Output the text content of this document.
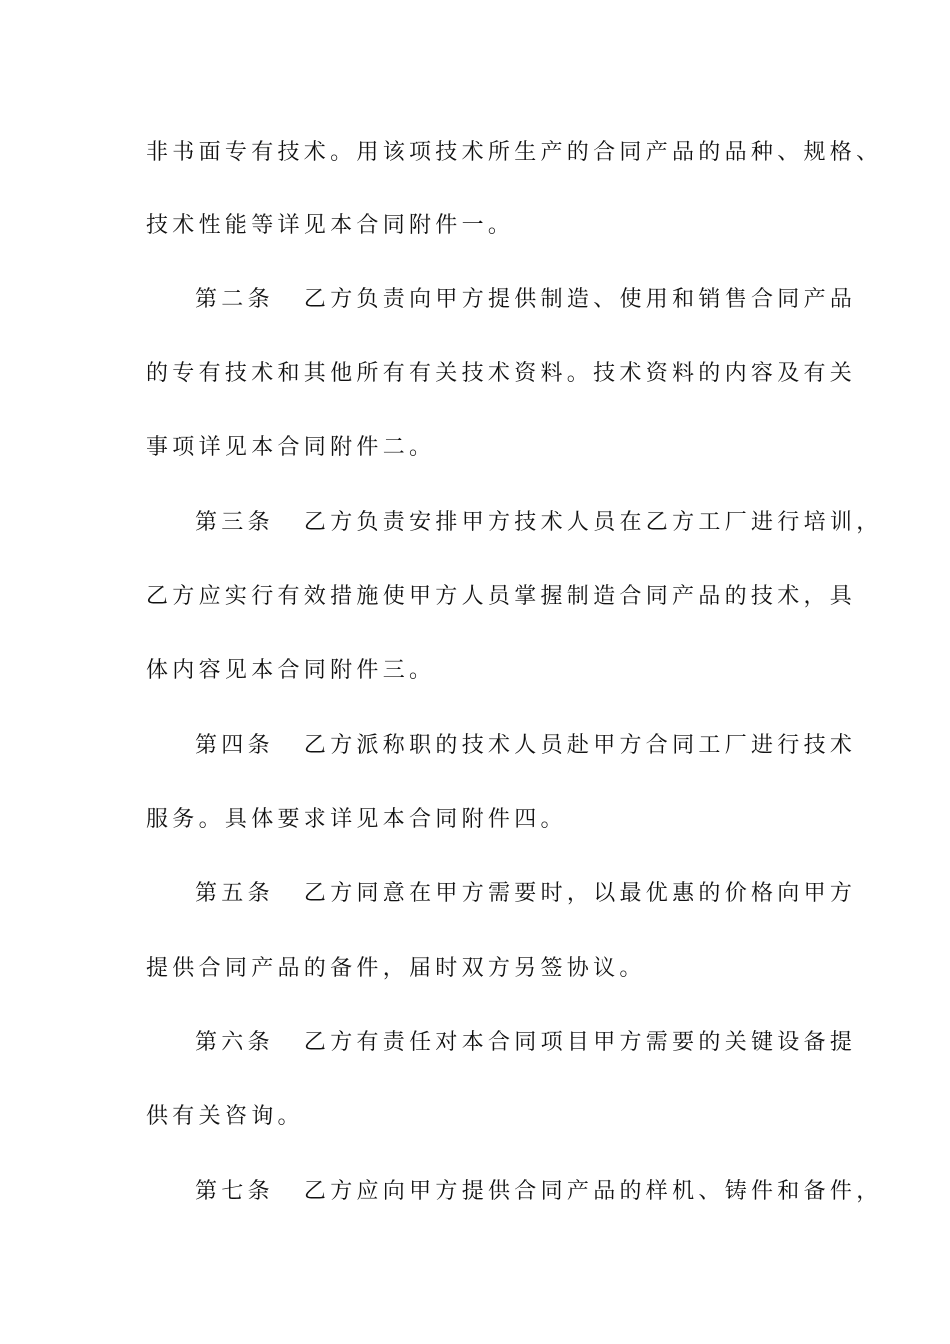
非书面专有技术。用该项技术所生产的合同产品的品种、规格、
技术性能等详见本合同附件一。
第二条 乙方负责向甲方提供制造、使用和销售合同产品
的专有技术和其他所有有关技术资料。技术资料的内容及有关
事项详见本合同附件二。
第三条 乙方负责安排甲方技术人员在乙方工厂进行培训，
乙方应实行有效措施使甲方人员掌握制造合同产品的技术，具
体内容见本合同附件三。
第四条 乙方派称职的技术人员赴甲方合同工厂进行技术
服务。具体要求详见本合同附件四。
第五条 乙方同意在甲方需要时，以最优惠的价格向甲方
提供合同产品的备件，届时双方另签协议。
第六条 乙方有责任对本合同项目甲方需要的关键设备提
供有关咨询。
第七条 乙方应向甲方提供合同产品的样机、铸件和备件，
